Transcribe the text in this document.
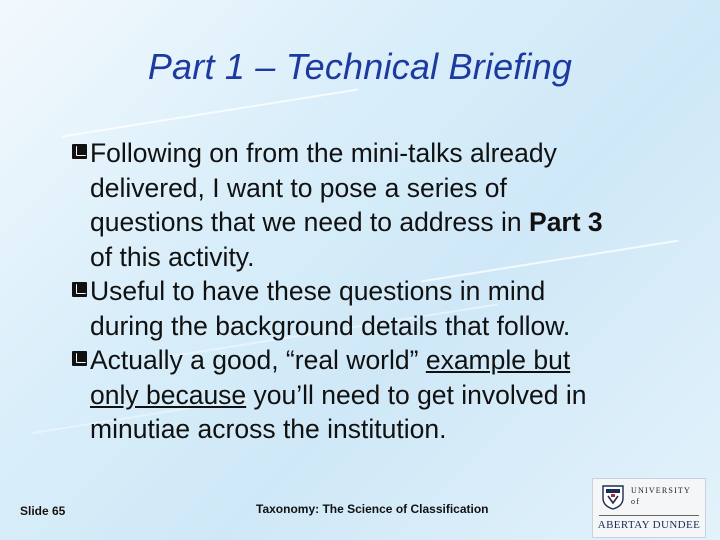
Part 1 – Technical Briefing
Following on from the mini-talks already
delivered, I want to pose a series of
questions that we need to address in Part 3
of this activity.
Useful to have these questions in mind
during the background details that follow.
Actually a good, “real world” example but
only because you’ll need to get involved in
minutiae across the institution.
Slide 65	Taxonomy: The Science of Classification
UNIVERSITY
of
ABERTAY DUNDEE
